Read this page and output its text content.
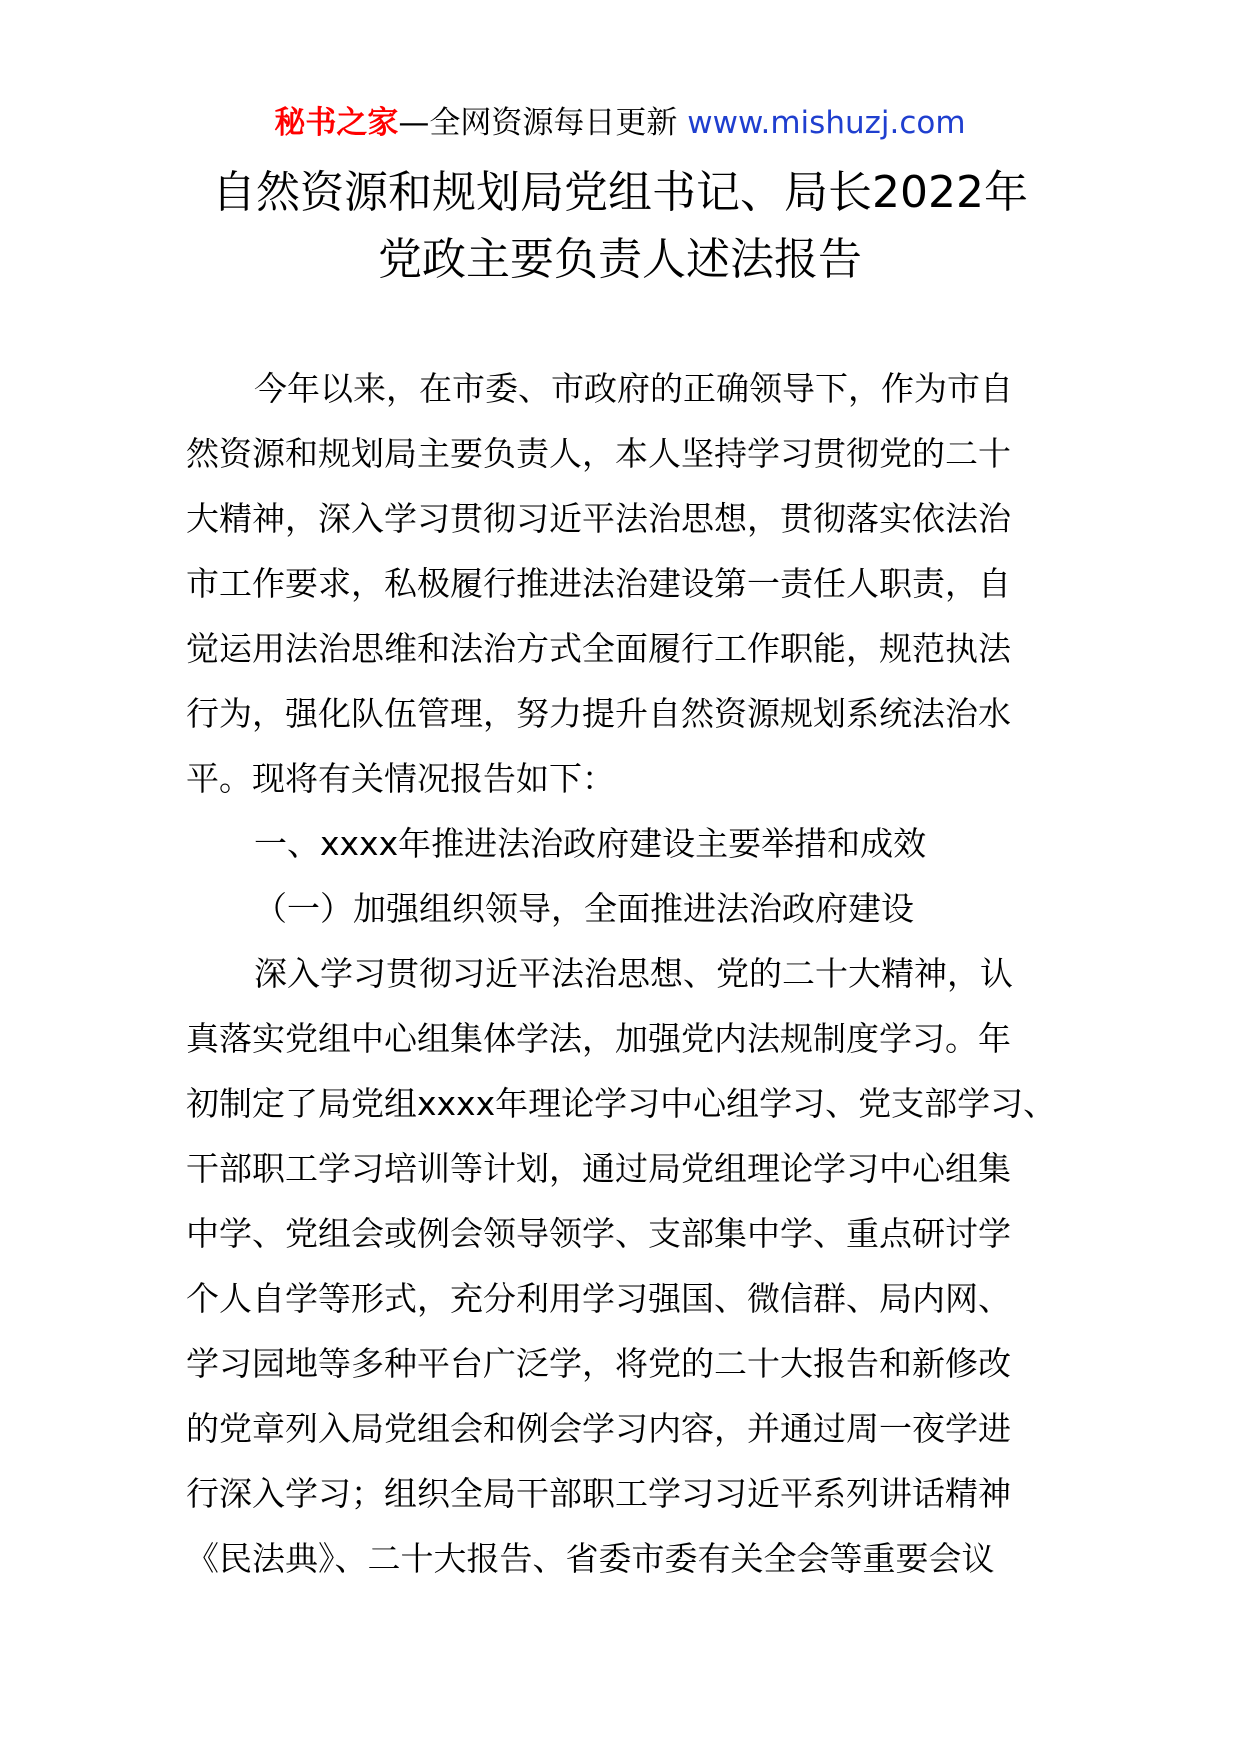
秘书之家—全网资源每日更新 www.mishuzj.com
自然资源和规划局党组书记、局长2022年
党政主要负责人述法报告
今年以来，在市委、市政府的正确领导下，作为市自
然资源和规划局主要负责人，本人坚持学习贯彻党的二十
大精神，深入学习贯彻习近平法治思想，贯彻落实依法治
市工作要求，私极履行推进法治建设第一责任人职责，自
觉运用法治思维和法治方式全面履行工作职能，规范执法
行为，强化队伍管理，努力提升自然资源规划系统法治水
平。现将有关情况报告如下：
一、xxxx年推进法治政府建设主要举措和成效
（一）加强组织领导，全面推进法治政府建设
深入学习贯彻习近平法治思想、党的二十大精神，认
真落实党组中心组集体学法，加强党内法规制度学习。年
初制定了局党组xxxx年理论学习中心组学习、党支部学习、
干部职工学习培训等计划，通过局党组理论学习中心组集
中学、党组会或例会领导领学、支部集中学、重点研讨学
个人自学等形式，充分利用学习强国、微信群、局内网、
学习园地等多种平台广泛学，将党的二十大报告和新修改
的党章列入局党组会和例会学习内容，并通过周一夜学进
行深入学习；组织全局干部职工学习习近平系列讲话精神
《民法典》、二十大报告、省委市委有关全会等重要会议
